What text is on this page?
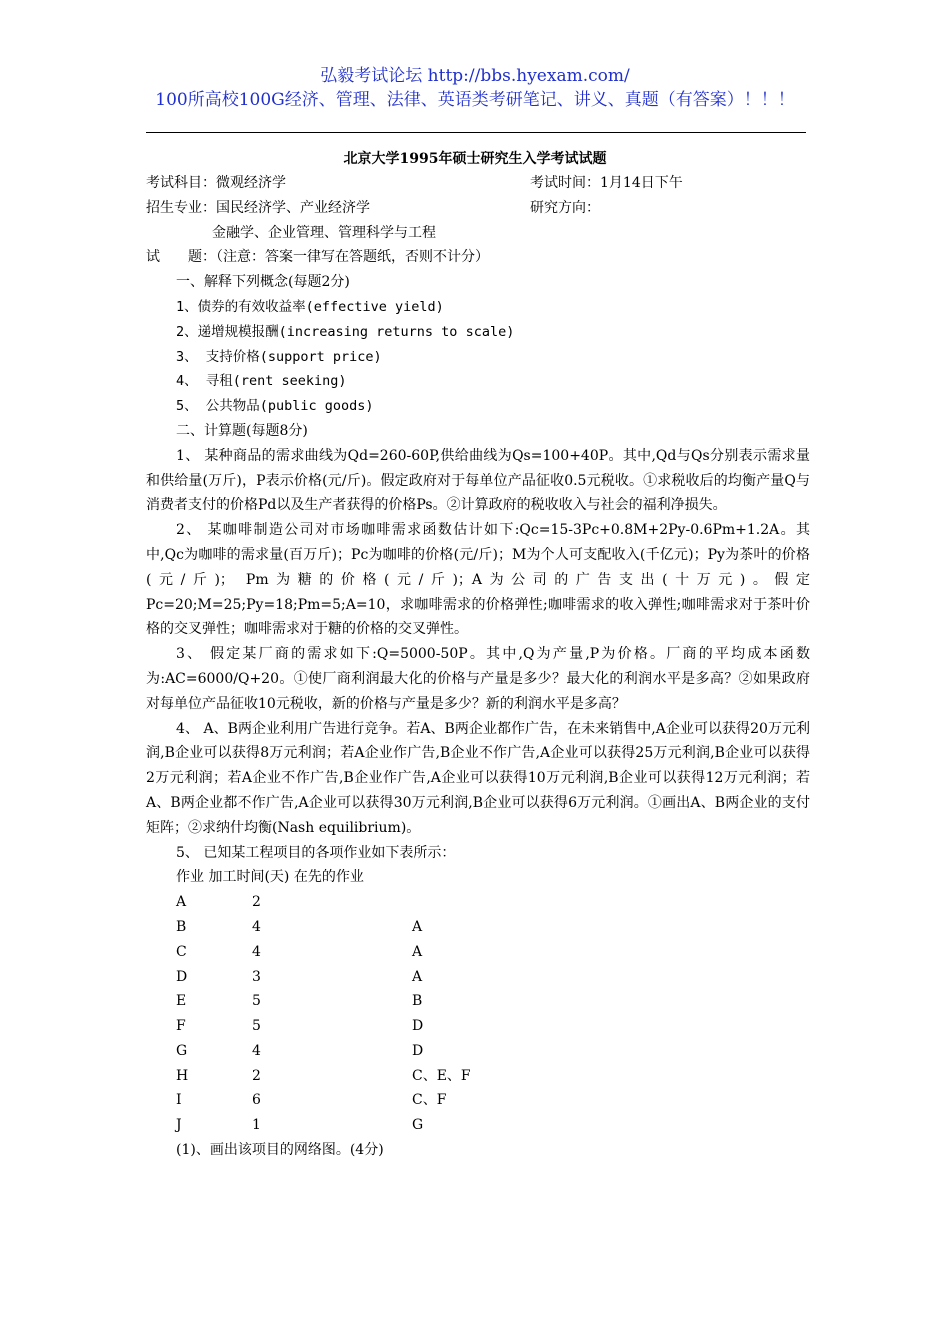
弘毅考试论坛 http://bbs.hyexam.com/
100所高校100G经济、管理、法律、英语类考研笔记、讲义、真题（有答案）！！！
北京大学1995年硕士研究生入学考试试题
考试科目：微观经济学	考试时间：1月14日下午
招生专业：国民经济学、产业经济学	研究方向：
金融学、企业管理、管理科学与工程
试　　题：（注意：答案一律写在答题纸，否则不计分）
一、解释下列概念(每题2分)
1、债券的有效收益率(effective yield)
2、递增规模报酬(increasing returns to scale)
3、 支持价格(support price)
4、 寻租(rent seeking)
5、 公共物品(public goods)
二、计算题(每题8分)
1、 某种商品的需求曲线为Qd=260-60P,供给曲线为Qs=100+40P。其中,Qd与Qs分别表示需求量和供给量(万斤)，P表示价格(元/斤)。假定政府对于每单位产品征收0.5元税收。①求税收后的均衡产量Q与消费者支付的价格Pd以及生产者获得的价格Ps。②计算政府的税收收入与社会的福利净损失。
2、 某咖啡制造公司对市场咖啡需求函数估计如下:Qc=15-3Pc+0.8M+2Py-0.6Pm+1.2A。其中,Qc为咖啡的需求量(百万斤)；Pc为咖啡的价格(元/斤)；M为个人可支配收入(千亿元)；Py为茶叶的价格(元/斤)； Pm为糖的价格(元/斤)；A为公司的广告支出(十万元)。假定Pc=20;M=25;Py=18;Pm=5;A=10，求咖啡需求的价格弹性;咖啡需求的收入弹性;咖啡需求对于茶叶价格的交叉弹性；咖啡需求对于糖的价格的交叉弹性。
3、 假定某厂商的需求如下:Q=5000-50P。其中,Q为产量,P为价格。厂商的平均成本函数为:AC=6000/Q+20。①使厂商利润最大化的价格与产量是多少？最大化的利润水平是多高？②如果政府对每单位产品征收10元税收，新的价格与产量是多少？新的利润水平是多高？
4、 A、B两企业利用广告进行竞争。若A、B两企业都作广告，在未来销售中,A企业可以获得20万元利润,B企业可以获得8万元利润；若A企业作广告,B企业不作广告,A企业可以获得25万元利润,B企业可以获得2万元利润；若A企业不作广告,B企业作广告,A企业可以获得10万元利润,B企业可以获得12万元利润；若A、B两企业都不作广告,A企业可以获得30万元利润,B企业可以获得6万元利润。①画出A、B两企业的支付矩阵；②求纳什均衡(Nash equilibrium)。
5、 已知某工程项目的各项作业如下表所示：
作业 加工时间(天) 在先的作业
A	2
B	4	A
C	4	A
D	3	A
E	5	B
F	5	D
G	4	D
H	2	C、E、F
I	6	C、F
J	1	G
(1)、画出该项目的网络图。(4分)
